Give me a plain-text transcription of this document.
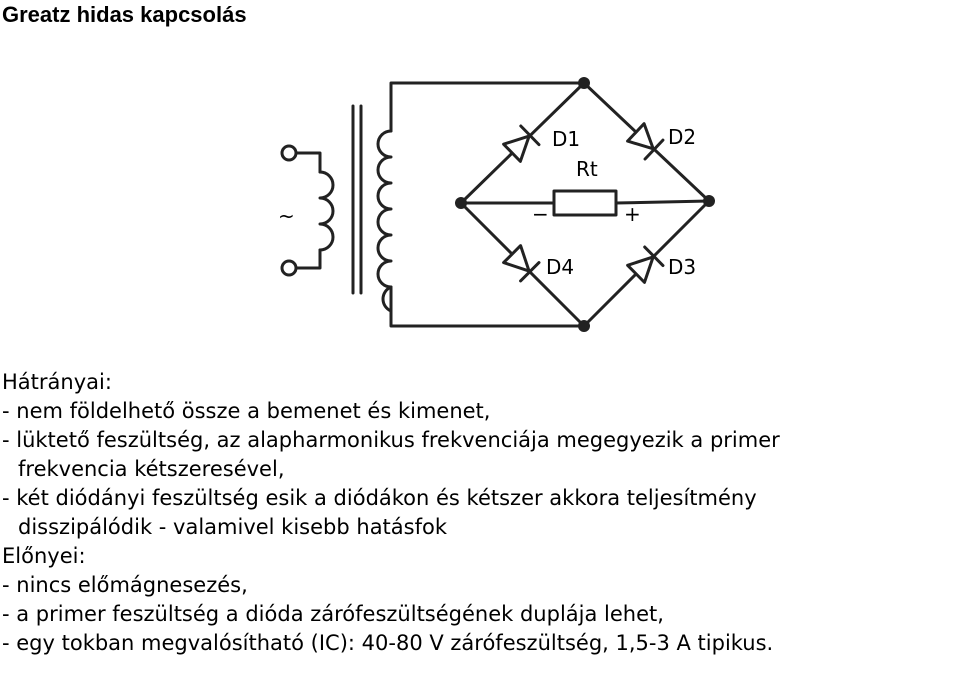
Greatz hidas kapcsolás
~
D1	D2
D4	D3
Rt
−	+
Hátrányai:
- nem földelhető össze a bemenet és kimenet,
- lüktető feszültség, az alapharmonikus frekvenciája megegyezik a primer
frekvencia kétszeresével,
- két diódányi feszültség esik a diódákon és kétszer akkora teljesítmény
disszipálódik - valamivel kisebb hatásfok
Előnyei:
- nincs előmágnesezés,
- a primer feszültség a dióda zárófeszültségének duplája lehet,
- egy tokban megvalósítható (IC): 40-80 V zárófeszültség, 1,5-3 A tipikus.
